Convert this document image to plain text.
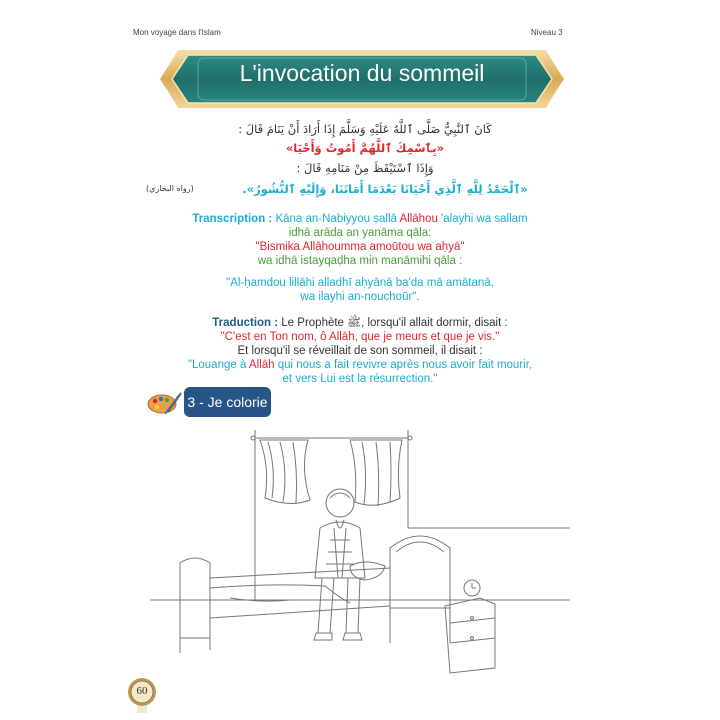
Mon voyage dans l'Islam	Niveau 3
L'invocation du sommeil
كَانَ ٱلنَّبِيُّ صَلَّى ٱللَّهُ عَلَيْهِ وَسَلَّمَ إِذَا أَرَادَ أَنْ يَنَامَ قَالَ :
«بِٱسْمِكَ ٱللَّهُمَّ أَمُوتُ وَأَحْيَا»
وَإِذَا ٱسْتَيْقَظَ مِنْ مَنَامِهِ قَالَ :
«ٱلْحَمْدُ لِلَّهِ ٱلَّذِي أَحْيَانَا بَعْدَمَا أَمَاتَنَا، وَإِلَيْهِ ٱلنُّشُورُ».
(رواه البخاري)
Transcription : Kāna an-Nabiyyou ṣallā Allāhou 'alayhi wa sallam
idhā arāda an yanāma qāla:
"Bismika Allāhoumma amoūtou wa aḥyā"
wa idhā istayqaḍha min manāmihi qāla :
"Al-ḥamdou lillāhi alladhī aḥyānā ba'da mā amātanā,
wa ilayhi an-nouchoūr".
Traduction : Le Prophète ﷺ, lorsqu'il allait dormir, disait :
"C'est en Ton nom, ô Allāh, que je meurs et que je vis."
Et lorsqu'il se réveillait de son sommeil, il disait :
"Louange à Allāh qui nous a fait revivre après nous avoir fait mourir,
et vers Lui est la résurrection."
3 - Je colorie :
60
